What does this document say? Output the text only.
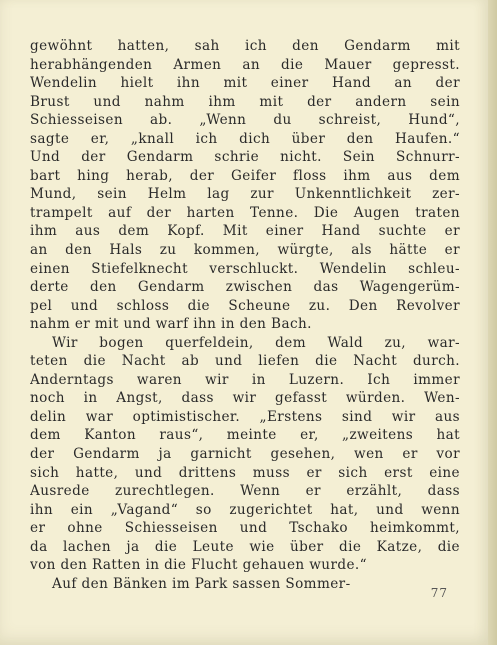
gewöhnt hatten, sah ich den Gendarm mit
herabhängenden Armen an die Mauer gepresst.
Wendelin hielt ihn mit einer Hand an der
Brust und nahm ihm mit der andern sein
Schiesseisen ab. „Wenn du schreist, Hund“,
sagte er, „knall ich dich über den Haufen.“
Und der Gendarm schrie nicht. Sein Schnurr-
bart hing herab, der Geifer floss ihm aus dem
Mund, sein Helm lag zur Unkenntlichkeit zer-
trampelt auf der harten Tenne. Die Augen traten
ihm aus dem Kopf. Mit einer Hand suchte er
an den Hals zu kommen, würgte, als hätte er
einen Stiefelknecht verschluckt. Wendelin schleu-
derte den Gendarm zwischen das Wagengerüm-
pel und schloss die Scheune zu. Den Revolver
nahm er mit und warf ihn in den Bach.
Wir bogen querfeldein, dem Wald zu, war-
teten die Nacht ab und liefen die Nacht durch.
Anderntags waren wir in Luzern. Ich immer
noch in Angst, dass wir gefasst würden. Wen-
delin war optimistischer. „Erstens sind wir aus
dem Kanton raus“, meinte er, „zweitens hat
der Gendarm ja garnicht gesehen, wen er vor
sich hatte, und drittens muss er sich erst eine
Ausrede zurechtlegen. Wenn er erzählt, dass
ihn ein „Vagand“ so zugerichtet hat, und wenn
er ohne Schiesseisen und Tschako heimkommt,
da lachen ja die Leute wie über die Katze, die
von den Ratten in die Flucht gehauen wurde.“
Auf den Bänken im Park sassen Sommer-
77
